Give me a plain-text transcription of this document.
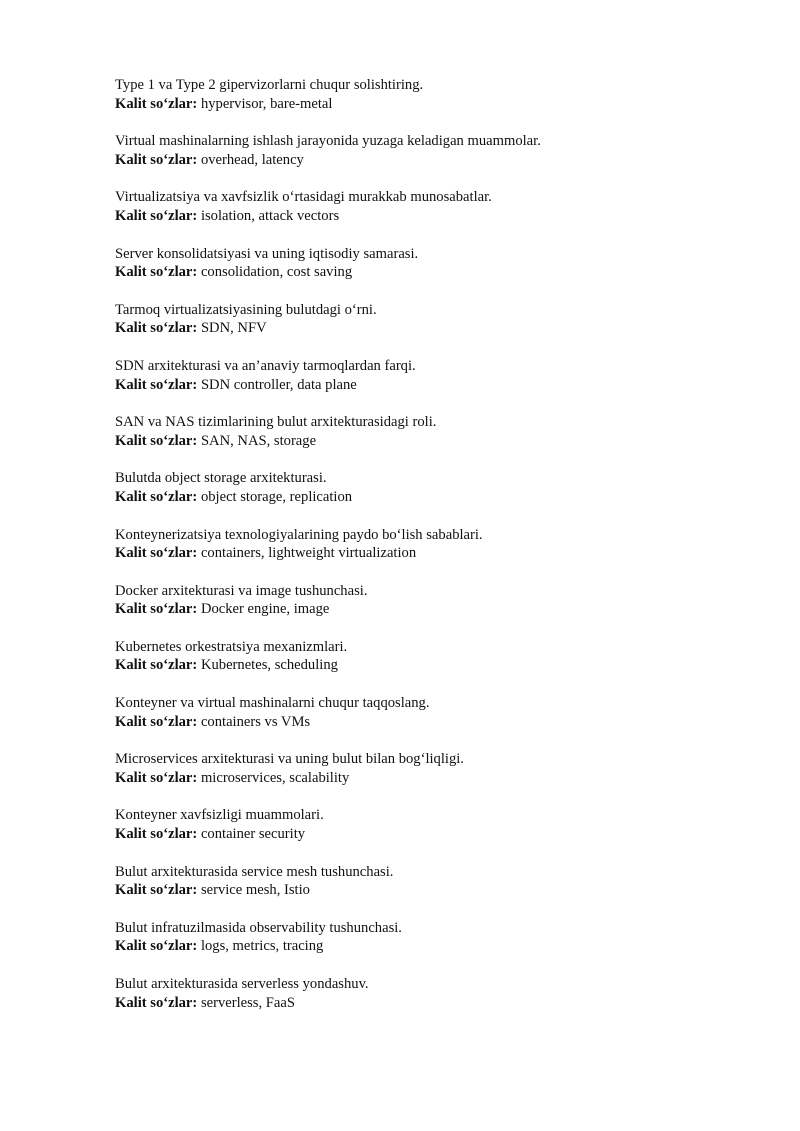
Type 1 va Type 2 gipervizorlarni chuqur solishtiring.
Kalit so‘zlar: hypervisor, bare-metal
Virtual mashinalarning ishlash jarayonida yuzaga keladigan muammolar.
Kalit so‘zlar: overhead, latency
Virtualizatsiya va xavfsizlik oʻrtasidagi murakkab munosabatlar.
Kalit so‘zlar: isolation, attack vectors
Server konsolidatsiyasi va uning iqtisodiy samarasi.
Kalit so‘zlar: consolidation, cost saving
Tarmoq virtualizatsiyasining bulutdagi oʻrni.
Kalit so‘zlar: SDN, NFV
SDN arxitekturasi va an’anaviy tarmoqlardan farqi.
Kalit so‘zlar: SDN controller, data plane
SAN va NAS tizimlarining bulut arxitekturasidagi roli.
Kalit so‘zlar: SAN, NAS, storage
Bulutda object storage arxitekturasi.
Kalit so‘zlar: object storage, replication
Konteynerizatsiya texnologiyalarining paydo boʻlish sabablari.
Kalit so‘zlar: containers, lightweight virtualization
Docker arxitekturasi va image tushunchasi.
Kalit so‘zlar: Docker engine, image
Kubernetes orkestratsiya mexanizmlari.
Kalit so‘zlar: Kubernetes, scheduling
Konteyner va virtual mashinalarni chuqur taqqoslang.
Kalit so‘zlar: containers vs VMs
Microservices arxitekturasi va uning bulut bilan bogʻliqligi.
Kalit so‘zlar: microservices, scalability
Konteyner xavfsizligi muammolari.
Kalit so‘zlar: container security
Bulut arxitekturasida service mesh tushunchasi.
Kalit so‘zlar: service mesh, Istio
Bulut infratuzilmasida observability tushunchasi.
Kalit so‘zlar: logs, metrics, tracing
Bulut arxitekturasida serverless yondashuv.
Kalit so‘zlar: serverless, FaaS
